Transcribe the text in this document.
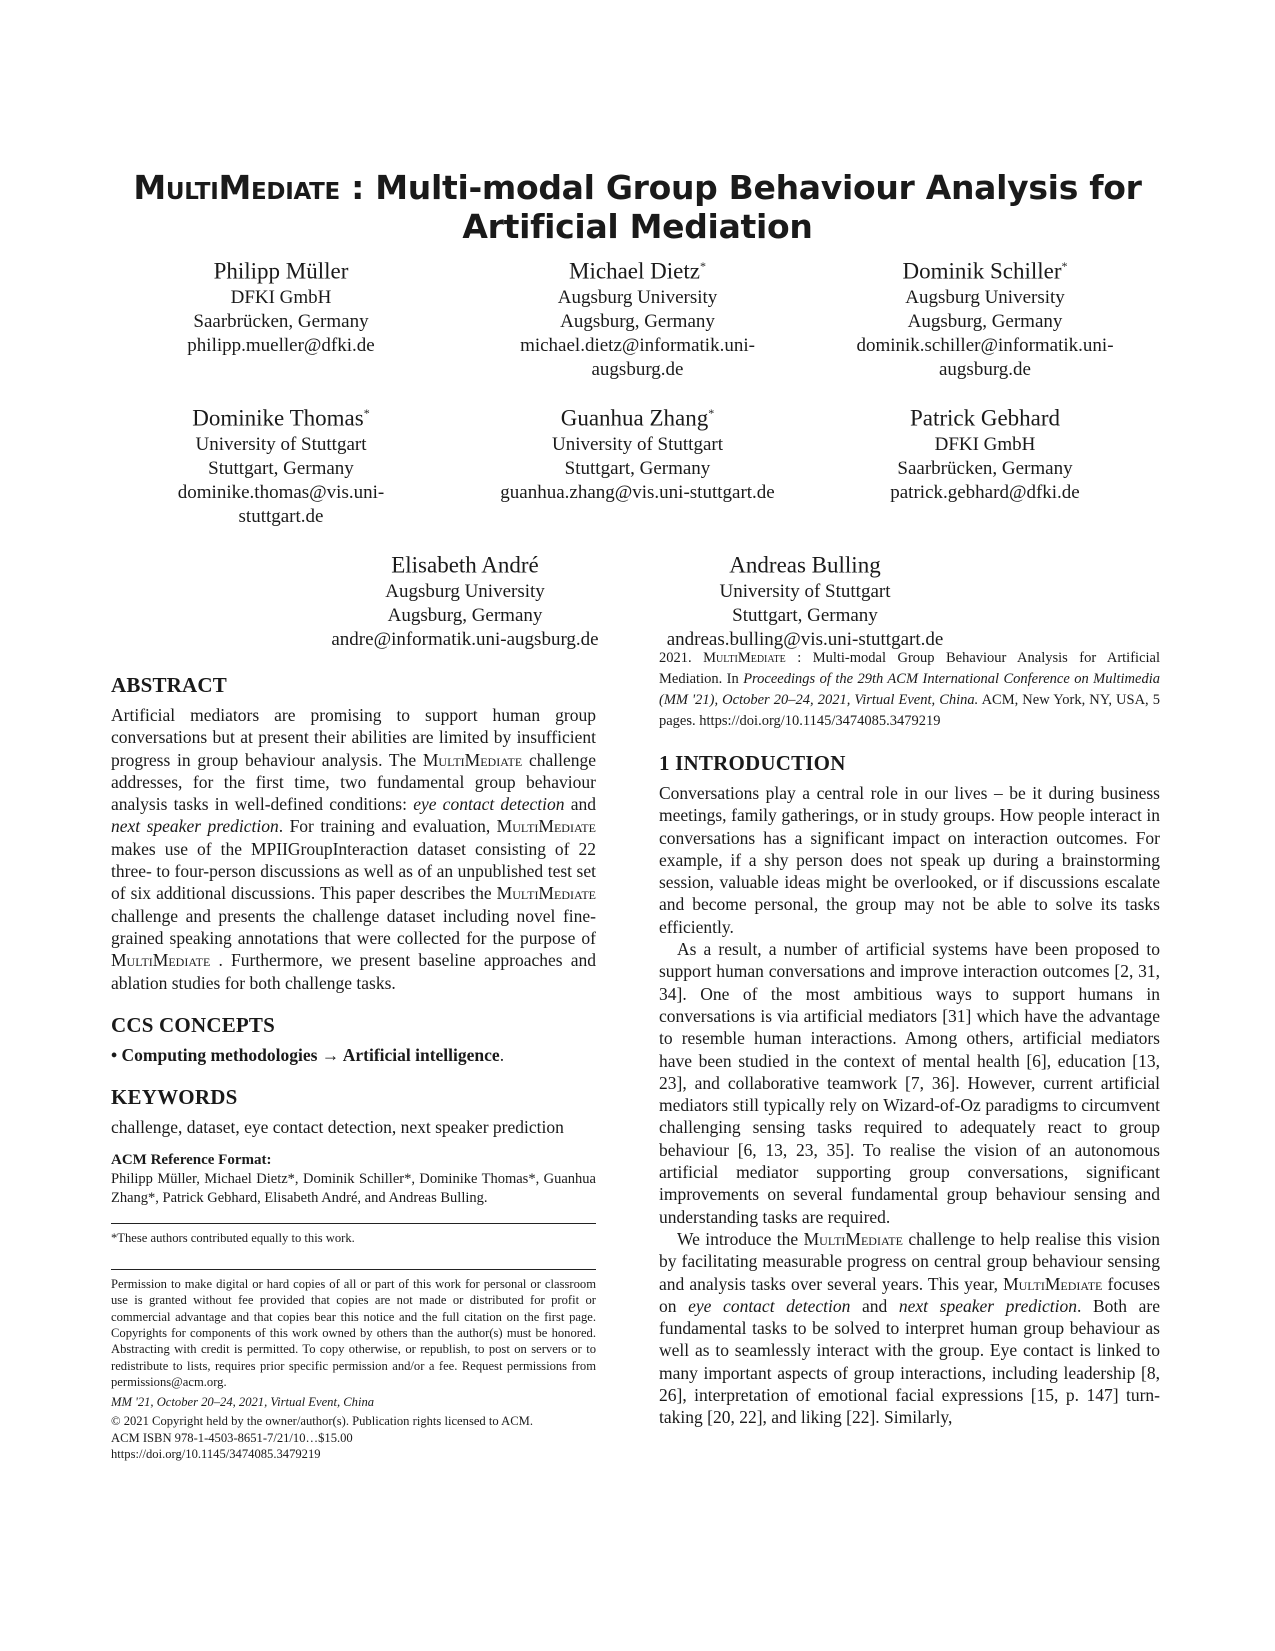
MultiMediate : Multi-modal Group Behaviour Analysis for Artificial Mediation
Philipp Müller
DFKI GmbH
Saarbrücken, Germany
philipp.mueller@dfki.de
Michael Dietz*
Augsburg University
Augsburg, Germany
michael.dietz@informatik.uni-
augsburg.de
Dominik Schiller*
Augsburg University
Augsburg, Germany
dominik.schiller@informatik.uni-
augsburg.de
Dominike Thomas*
University of Stuttgart
Stuttgart, Germany
dominike.thomas@vis.uni-
stuttgart.de
Guanhua Zhang*
University of Stuttgart
Stuttgart, Germany
guanhua.zhang@vis.uni-stuttgart.de
Patrick Gebhard
DFKI GmbH
Saarbrücken, Germany
patrick.gebhard@dfki.de
Elisabeth André
Augsburg University
Augsburg, Germany
andre@informatik.uni-augsburg.de
Andreas Bulling
University of Stuttgart
Stuttgart, Germany
andreas.bulling@vis.uni-stuttgart.de
ABSTRACT

Artificial mediators are promising to support human group conversations but at present their abilities are limited by insufficient progress in group behaviour analysis. The MultiMediate challenge addresses, for the first time, two fundamental group behaviour analysis tasks in well-defined conditions: eye contact detection and next speaker prediction. For training and evaluation, MultiMediate makes use of the MPIIGroupInteraction dataset consisting of 22 three- to four-person discussions as well as of an unpublished test set of six additional discussions. This paper describes the MultiMediate challenge and presents the challenge dataset including novel fine-grained speaking annotations that were collected for the purpose of MultiMediate . Furthermore, we present baseline approaches and ablation studies for both challenge tasks.

CCS CONCEPTS

• Computing methodologies → Artificial intelligence.

KEYWORDS

challenge, dataset, eye contact detection, next speaker prediction

ACM Reference Format:

Philipp Müller, Michael Dietz*, Dominik Schiller*, Dominike Thomas*, Guanhua Zhang*, Patrick Gebhard, Elisabeth André, and Andreas Bulling.

*These authors contributed equally to this work.
Permission to make digital or hard copies of all or part of this work for personal or classroom use is granted without fee provided that copies are not made or distributed for profit or commercial advantage and that copies bear this notice and the full citation on the first page. Copyrights for components of this work owned by others than the author(s) must be honored. Abstracting with credit is permitted. To copy otherwise, or republish, to post on servers or to redistribute to lists, requires prior specific permission and/or a fee. Request permissions from permissions@acm.org.
MM '21, October 20–24, 2021, Virtual Event, China
© 2021 Copyright held by the owner/author(s). Publication rights licensed to ACM.
ACM ISBN 978-1-4503-8651-7/21/10…$15.00
https://doi.org/10.1145/3474085.3479219
2021. MultiMediate : Multi-modal Group Behaviour Analysis for Artificial Mediation. In Proceedings of the 29th ACM International Conference on Multimedia (MM '21), October 20–24, 2021, Virtual Event, China. ACM, New York, NY, USA, 5 pages. https://doi.org/10.1145/3474085.3479219
1 INTRODUCTION

Conversations play a central role in our lives – be it during business meetings, family gatherings, or in study groups. How people interact in conversations has a significant impact on interaction outcomes. For example, if a shy person does not speak up during a brainstorming session, valuable ideas might be overlooked, or if discussions escalate and become personal, the group may not be able to solve its tasks efficiently.

As a result, a number of artificial systems have been proposed to support human conversations and improve interaction outcomes [2, 31, 34]. One of the most ambitious ways to support humans in conversations is via artificial mediators [31] which have the advantage to resemble human interactions. Among others, artificial mediators have been studied in the context of mental health [6], education [13, 23], and collaborative teamwork [7, 36]. However, current artificial mediators still typically rely on Wizard-of-Oz paradigms to circumvent challenging sensing tasks required to adequately react to group behaviour [6, 13, 23, 35]. To realise the vision of an autonomous artificial mediator supporting group conversations, significant improvements on several fundamental group behaviour sensing and understanding tasks are required.

We introduce the MultiMediate challenge to help realise this vision by facilitating measurable progress on central group behaviour sensing and analysis tasks over several years. This year, MultiMediate focuses on eye contact detection and next speaker prediction. Both are fundamental tasks to be solved to interpret human group behaviour as well as to seamlessly interact with the group. Eye contact is linked to many important aspects of group interactions, including leadership [8, 26], interpretation of emotional facial expressions [15, p. 147] turn-taking [20, 22], and liking [22]. Similarly,
